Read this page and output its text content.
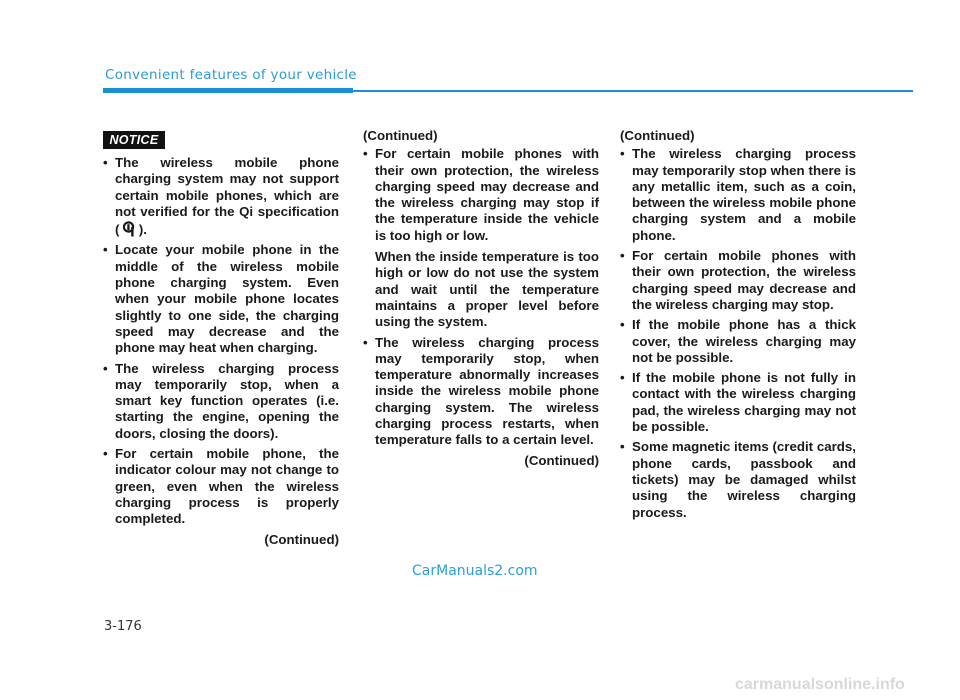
Convenient features of your vehicle
NOTICE
• The wireless mobile phone charging system may not support certain mobile phones, which are not verified for the Qi specification (  ).
• Locate your mobile phone in the middle of the wireless mobile phone charging system. Even when your mobile phone locates slightly to one side, the charging speed may decrease and the phone may heat when charging.
• The wireless charging process may temporarily stop, when a smart key function operates (i.e. starting the engine, opening the doors, closing the doors).
• For certain mobile phone, the indicator colour may not change to green, even when the wireless charging process is properly completed.
(Continued)
(Continued)
• For certain mobile phones with their own protection, the wireless charging speed may decrease and the wireless charging may stop if the temperature inside the vehicle is too high or low.

When the inside temperature is too high or low do not use the system and wait until the temperature maintains a proper level before using the system.

• The wireless charging process may temporarily stop, when temperature abnormally increases inside the wireless mobile phone charging system. The wireless charging process restarts, when temperature falls to a certain level.
(Continued)
(Continued)
• The wireless charging process may temporarily stop when there is any metallic item, such as a coin, between the wireless mobile phone charging system and a mobile phone.
• For certain mobile phones with their own protection, the wireless charging speed may decrease and the wireless charging may stop.
• If the mobile phone has a thick cover, the wireless charging may not be possible.
• If the mobile phone is not fully in contact with the wireless charging pad, the wireless charging may not be possible.
• Some magnetic items (credit cards, phone cards, passbook and tickets) may be damaged whilst using the wireless charging process.
CarManuals2.com
3-176
carmanualsonline.info
